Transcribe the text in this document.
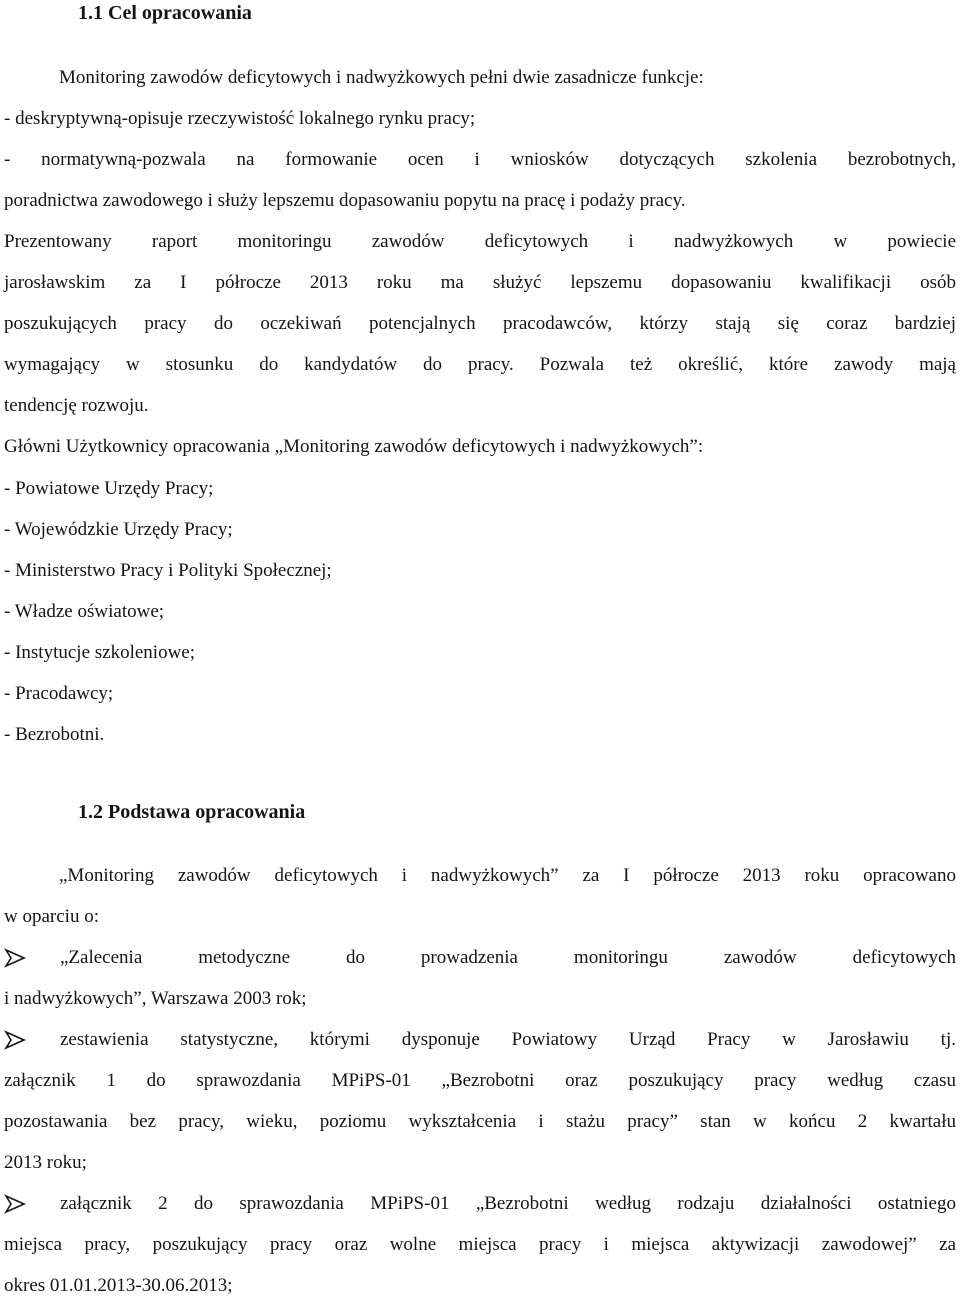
1.1 Cel opracowania
Monitoring zawodów deficytowych i nadwyżkowych pełni dwie zasadnicze funkcje:
- deskryptywną-opisuje rzeczywistość lokalnego rynku pracy;
- normatywną-pozwala na formowanie ocen i wniosków dotyczących szkolenia bezrobotnych,
poradnictwa zawodowego i służy lepszemu dopasowaniu popytu na pracę i podaży pracy.
Prezentowany raport monitoringu zawodów deficytowych i nadwyżkowych w powiecie
jarosławskim za I półrocze 2013 roku ma służyć lepszemu dopasowaniu kwalifikacji osób
poszukujących pracy do oczekiwań potencjalnych pracodawców, którzy stają się coraz bardziej
wymagający w stosunku do kandydatów do pracy. Pozwala też określić, które zawody mają
tendencję rozwoju.
Główni Użytkownicy opracowania „Monitoring zawodów deficytowych i nadwyżkowych”:
- Powiatowe Urzędy Pracy;
- Wojewódzkie Urzędy Pracy;
- Ministerstwo Pracy i Polityki Społecznej;
- Władze oświatowe;
- Instytucje szkoleniowe;
- Pracodawcy;
- Bezrobotni.
1.2 Podstawa opracowania
„Monitoring zawodów deficytowych i nadwyżkowych” za I półrocze 2013 roku opracowano
w oparciu o:
„Zalecenia metodyczne do prowadzenia monitoringu zawodów deficytowych
i nadwyżkowych”, Warszawa 2003 rok;
zestawienia statystyczne, którymi dysponuje Powiatowy Urząd Pracy w Jarosławiu tj.
załącznik 1 do sprawozdania MPiPS-01 „Bezrobotni oraz poszukujący pracy według czasu
pozostawania bez pracy, wieku, poziomu wykształcenia i stażu pracy” stan w końcu 2 kwartału
2013 roku;
załącznik 2 do sprawozdania MPiPS-01 „Bezrobotni według rodzaju działalności ostatniego
miejsca pracy, poszukujący pracy oraz wolne miejsca pracy i miejsca aktywizacji zawodowej” za
okres 01.01.2013-30.06.2013;
